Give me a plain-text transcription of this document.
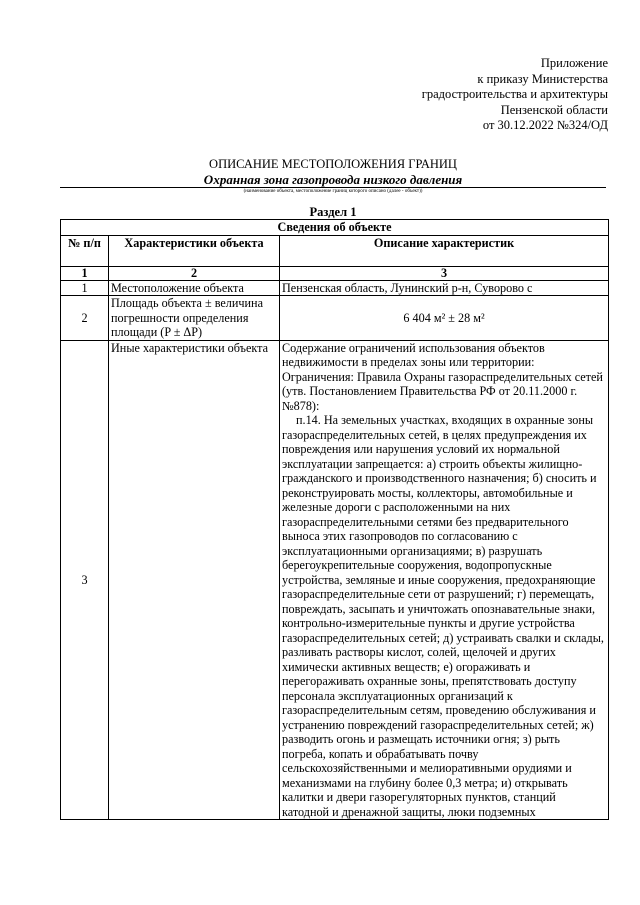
Приложение
к приказу Министерства
градостроительства и архитектуры
Пензенской области
от 30.12.2022 №324/ОД
ОПИСАНИЕ МЕСТОПОЛОЖЕНИЯ ГРАНИЦ
Охранная зона газопровода низкого давления
(наименование объекта, местоположение границ которого описано (далее - объект))
Раздел 1
Сведения об объекте		
№ п/п	Характеристики объекта	Описание характеристик
1	2	3
1	Местоположение объекта	Пензенская область, Лунинский р-н, Суворово с
2	Площадь объекта ± величина погрешности определения площади (P ± ΔP)	6 404 м² ± 28 м²
3	Иные характеристики объекта	Содержание ограничений использования объектов недвижимости в пределах зоны или территории: Ограничения: Правила Охраны газораспределительных сетей (утв. Постановлением Правительства РФ от 20.11.2000 г. №878):
п.14. На земельных участках, входящих в охранные зоны газораспределительных сетей, в целях предупреждения их повреждения или нарушения условий их нормальной эксплуатации запрещается: а) строить объекты жилищно-гражданского и производственного назначения; б) сносить и реконструировать мосты, коллекторы, автомобильные и железные дороги с расположенными на них газораспределительными сетями без предварительного выноса этих газопроводов по согласованию с эксплуатационными организациями; в) разрушать берегоукрепительные сооружения, водопропускные устройства, земляные и иные сооружения, предохраняющие газораспределительные сети от разрушений; г) перемещать, повреждать, засыпать и уничтожать опознавательные знаки, контрольно-измерительные пункты и другие устройства газораспределительных сетей; д) устраивать свалки и склады, разливать растворы кислот, солей, щелочей и других химически активных веществ; е) огораживать и перегораживать охранные зоны, препятствовать доступу персонала эксплуатационных организаций к газораспределительным сетям, проведению обслуживания и устранению повреждений газораспределительных сетей; ж) разводить огонь и размещать источники огня; з) рыть погреба, копать и обрабатывать почву сельскохозяйственными и мелиоративными орудиями и механизмами на глубину более 0,3 метра; и) открывать калитки и двери газорегуляторных пунктов, станций катодной и дренажной защиты, люки подземных
